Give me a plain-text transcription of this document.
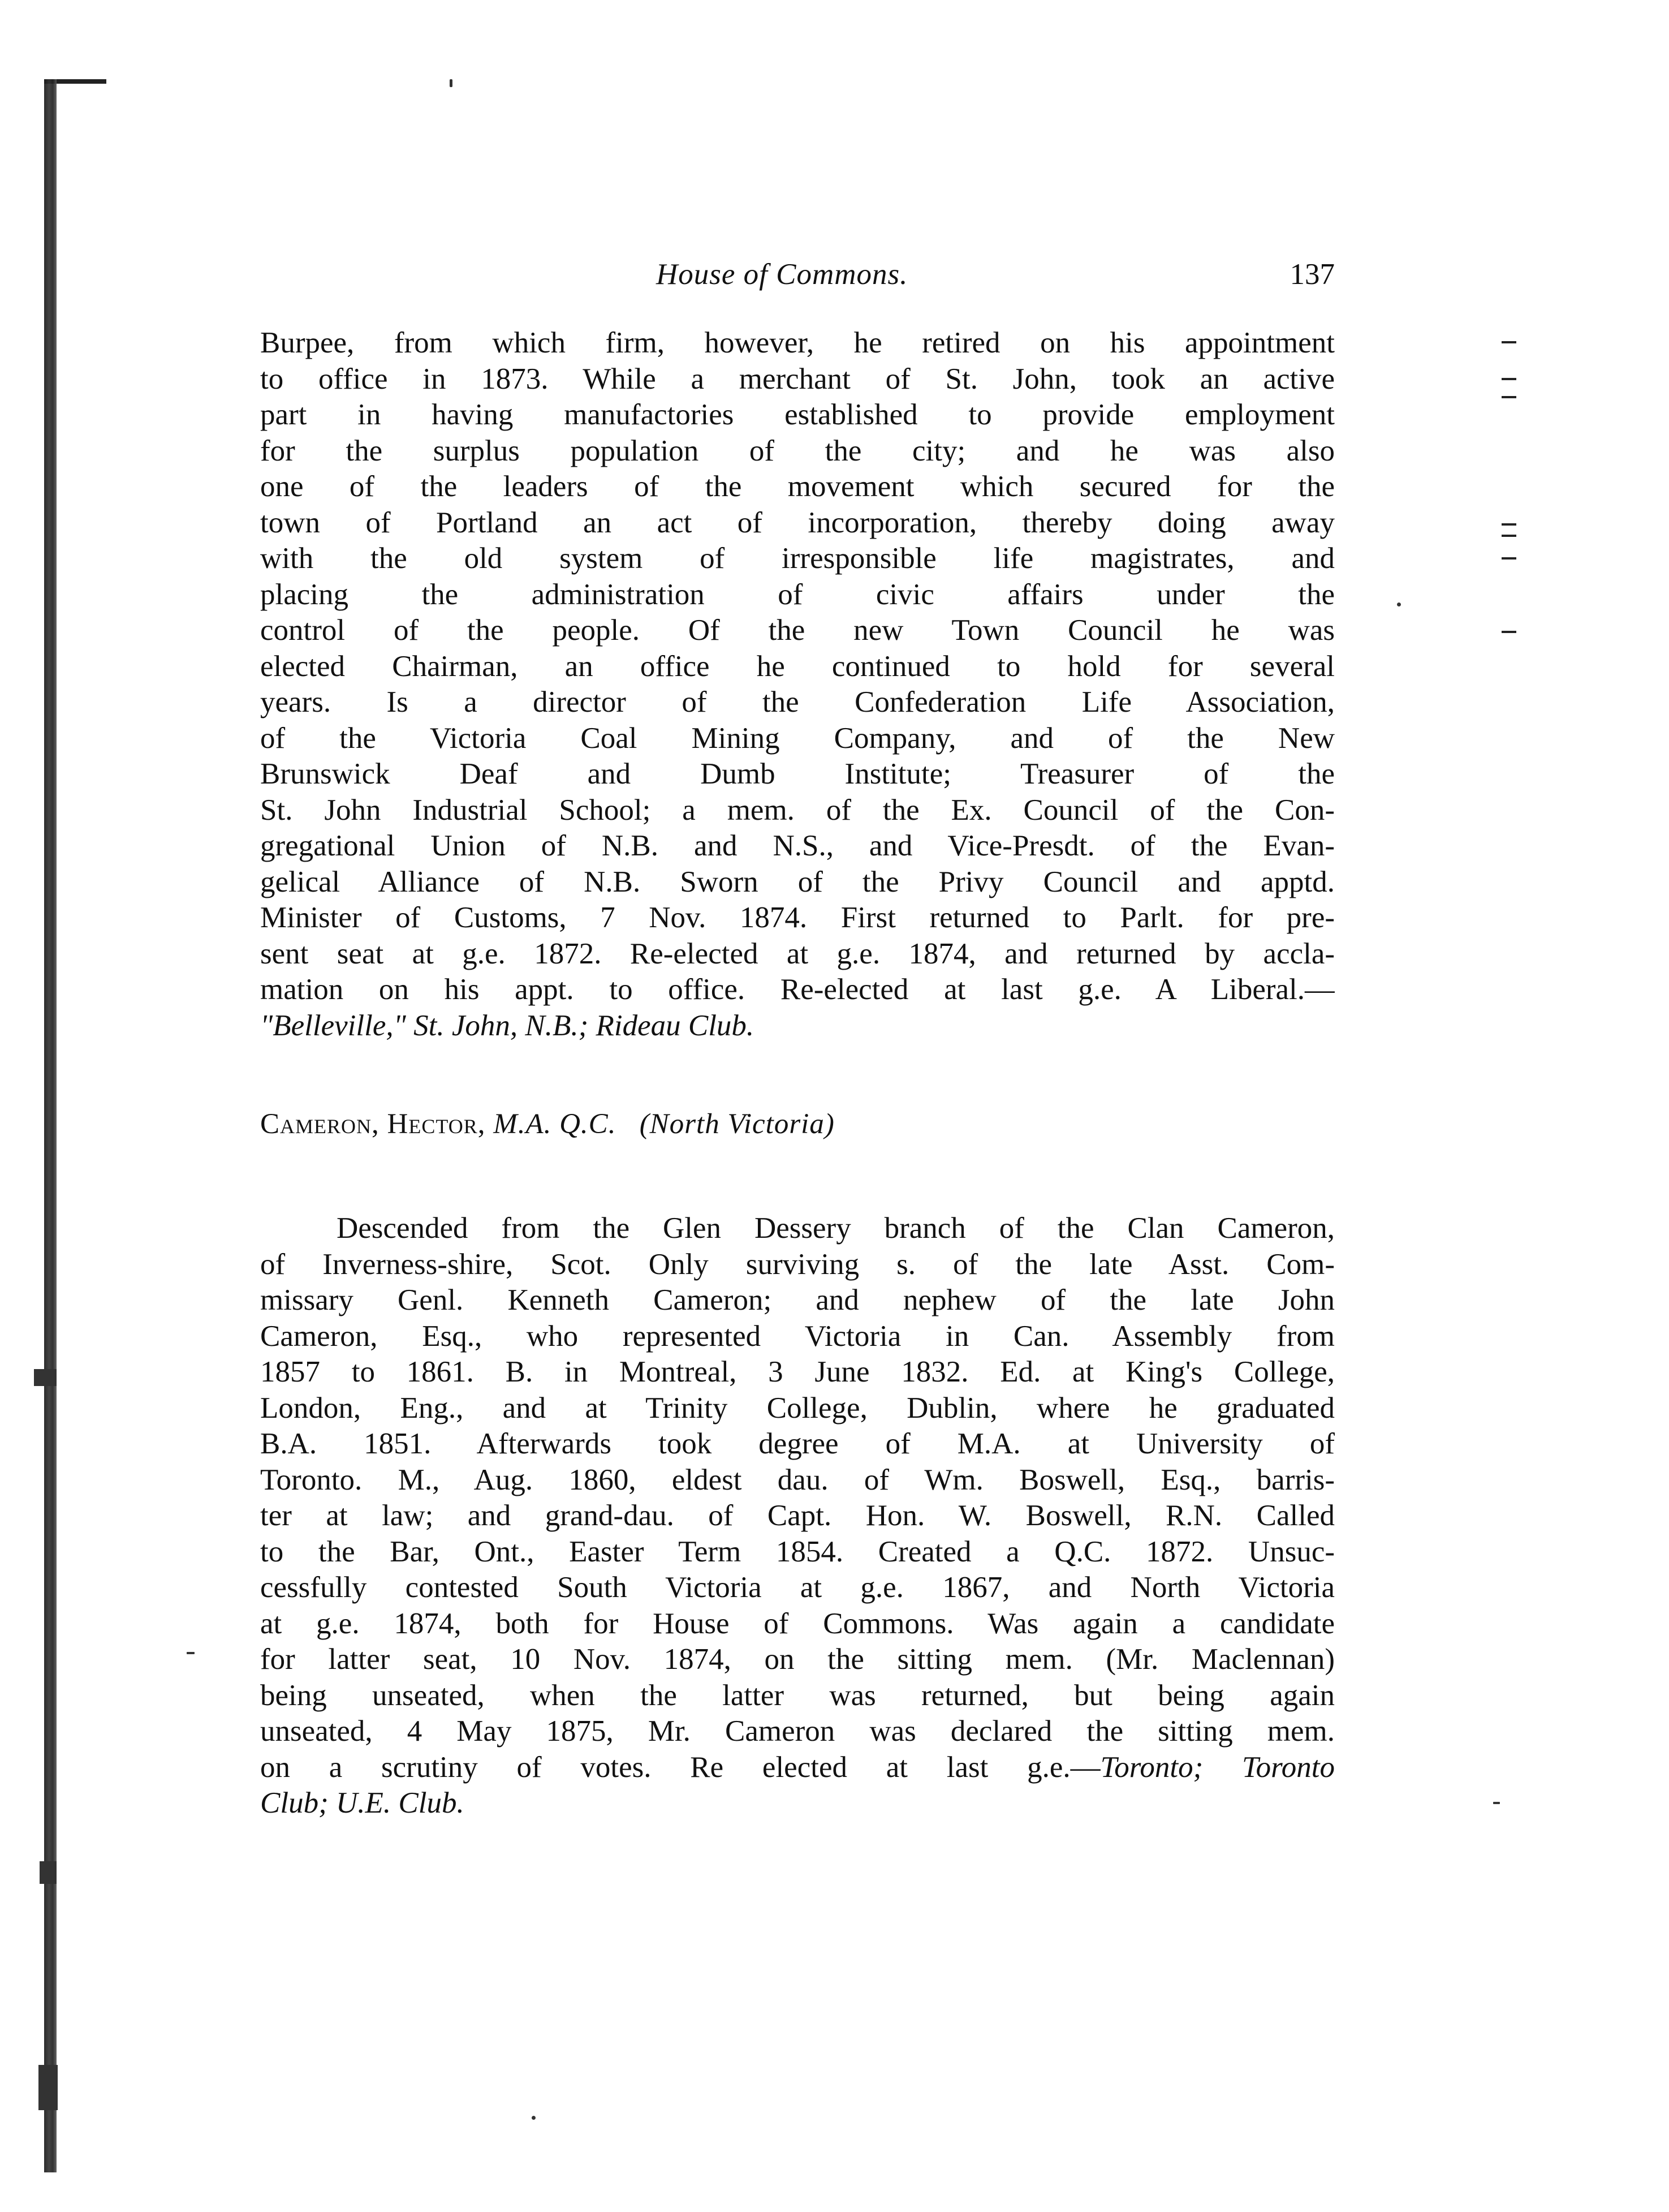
House of Commons.	137
Burpee, from which firm, however, he retired on his appointment
to office in 1873. While a merchant of St. John, took an active
part in having manufactories established to provide employment
for the surplus population of the city; and he was also
one of the leaders of the movement which secured for the
town of Portland an act of incorporation, thereby doing away
with the old system of irresponsible life magistrates, and
placing the administration of civic affairs under the
control of the people. Of the new Town Council he was
elected Chairman, an office he continued to hold for several
years. Is a director of the Confederation Life Association,
of the Victoria Coal Mining Company, and of the New
Brunswick Deaf and Dumb Institute; Treasurer of the
St. John Industrial School; a mem. of the Ex. Council of the Con-
gregational Union of N.B. and N.S., and Vice-Presdt. of the Evan-
gelical Alliance of N.B. Sworn of the Privy Council and apptd.
Minister of Customs, 7 Nov. 1874. First returned to Parlt. for pre-
sent seat at g.e. 1872. Re-elected at g.e. 1874, and returned by accla-
mation on his appt. to office. Re-elected at last g.e. A Liberal.—
"Belleville," St. John, N.B.; Rideau Club.
Cameron, Hector, M.A. Q.C. (North Victoria)
Descended from the Glen Dessery branch of the Clan Cameron,
of Inverness-shire, Scot. Only surviving s. of the late Asst. Com-
missary Genl. Kenneth Cameron; and nephew of the late John
Cameron, Esq., who represented Victoria in Can. Assembly from
1857 to 1861. B. in Montreal, 3 June 1832. Ed. at King's College,
London, Eng., and at Trinity College, Dublin, where he graduated
B.A. 1851. Afterwards took degree of M.A. at University of
Toronto. M., Aug. 1860, eldest dau. of Wm. Boswell, Esq., barris-
ter at law; and grand-dau. of Capt. Hon. W. Boswell, R.N. Called
to the Bar, Ont., Easter Term 1854. Created a Q.C. 1872. Unsuc-
cessfully contested South Victoria at g.e. 1867, and North Victoria
at g.e. 1874, both for House of Commons. Was again a candidate
for latter seat, 10 Nov. 1874, on the sitting mem. (Mr. Maclennan)
being unseated, when the latter was returned, but being again
unseated, 4 May 1875, Mr. Cameron was declared the sitting mem.
on a scrutiny of votes. Re elected at last g.e.—Toronto; Toronto
Club; U.E. Club.
